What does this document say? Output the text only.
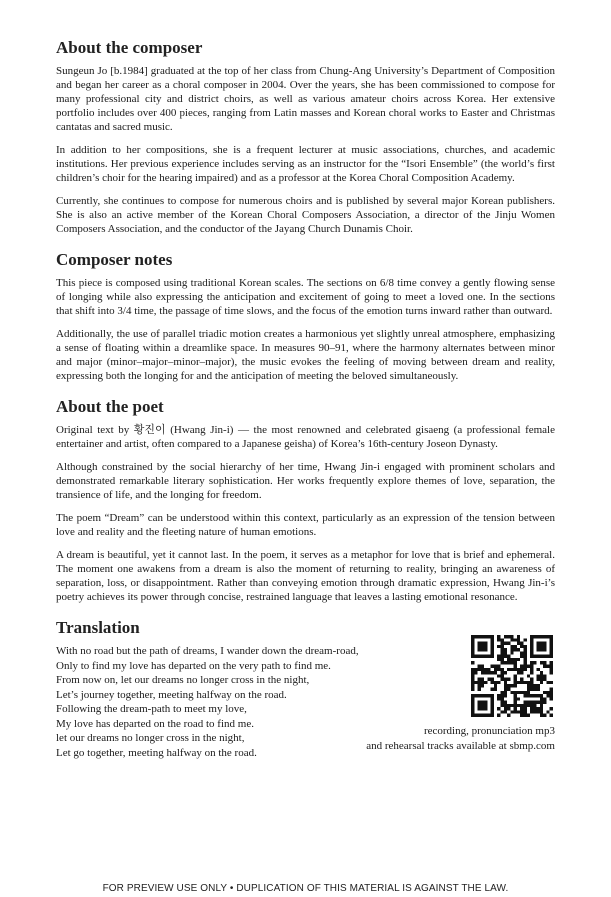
About the composer

Sungeun Jo [b.1984] graduated at the top of her class from Chung-Ang University’s Department of Composition and began her career as a choral composer in 2004. Over the years, she has been commissioned to compose for many professional city and district choirs, as well as various amateur choirs across Korea. Her extensive portfolio includes over 400 pieces, ranging from Latin masses and Korean choral works to Easter and Christmas cantatas and sacred music.

In addition to her compositions, she is a frequent lecturer at music associations, churches, and academic institutions. Her previous experience includes serving as an instructor for the “Isori Ensemble” (the world’s first children’s choir for the hearing impaired) and as a professor at the Korea Choral Composition Academy.

Currently, she continues to compose for numerous choirs and is published by several major Korean publishers. She is also an active member of the Korean Choral Composers Association, a director of the Jinju Women Composers Association, and the conductor of the Jayang Church Dunamis Choir.

Composer notes

This piece is composed using traditional Korean scales. The sections on 6/8 time convey a gently flowing sense of longing while also expressing the anticipation and excitement of going to meet a loved one. In the sections that shift into 3/4 time, the passage of time slows, and the focus of the emotion turns inward rather than outward.

Additionally, the use of parallel triadic motion creates a harmonious yet slightly unreal atmosphere, emphasizing a sense of floating within a dreamlike space. In measures 90–91, where the harmony alternates between minor and major (minor–major–minor–major), the music evokes the feeling of moving between dream and reality, expressing both the longing for and the anticipation of meeting the beloved simultaneously.

About the poet

Original text by 황진이 (Hwang Jin-i) — the most renowned and celebrated gisaeng (a professional female entertainer and artist, often compared to a Japanese geisha) of Korea’s 16th-century Joseon Dynasty.

Although constrained by the social hierarchy of her time, Hwang Jin-i engaged with prominent scholars and demonstrated remarkable literary sophistication. Her works frequently explore themes of love, separation, the transience of life, and the longing for freedom.

The poem “Dream” can be understood within this context, particularly as an expression of the tension between love and reality and the fleeting nature of human emotions.

A dream is beautiful, yet it cannot last. In the poem, it serves as a metaphor for love that is brief and ephemeral. The moment one awakens from a dream is also the moment of returning to reality, bringing an awareness of separation, loss, or disappointment. Rather than conveying emotion through dramatic expression, Hwang Jin-i’s poetry achieves its power through concise, restrained language that leaves a lasting emotional resonance.

Translation
With no road but the path of dreams, I wander down the dream-road,
Only to find my love has departed on the very path to find me.
From now on, let our dreams no longer cross in the night,
Let’s journey together, meeting halfway on the road.
Following the dream-path to meet my love,
My love has departed on the road to find me.
let our dreams no longer cross in the night,
Let go together, meeting halfway on the road.
recording, pronunciation mp3
and rehearsal tracks available at sbmp.com
FOR PREVIEW USE ONLY • DUPLICATION OF THIS MATERIAL IS AGAINST THE LAW.
